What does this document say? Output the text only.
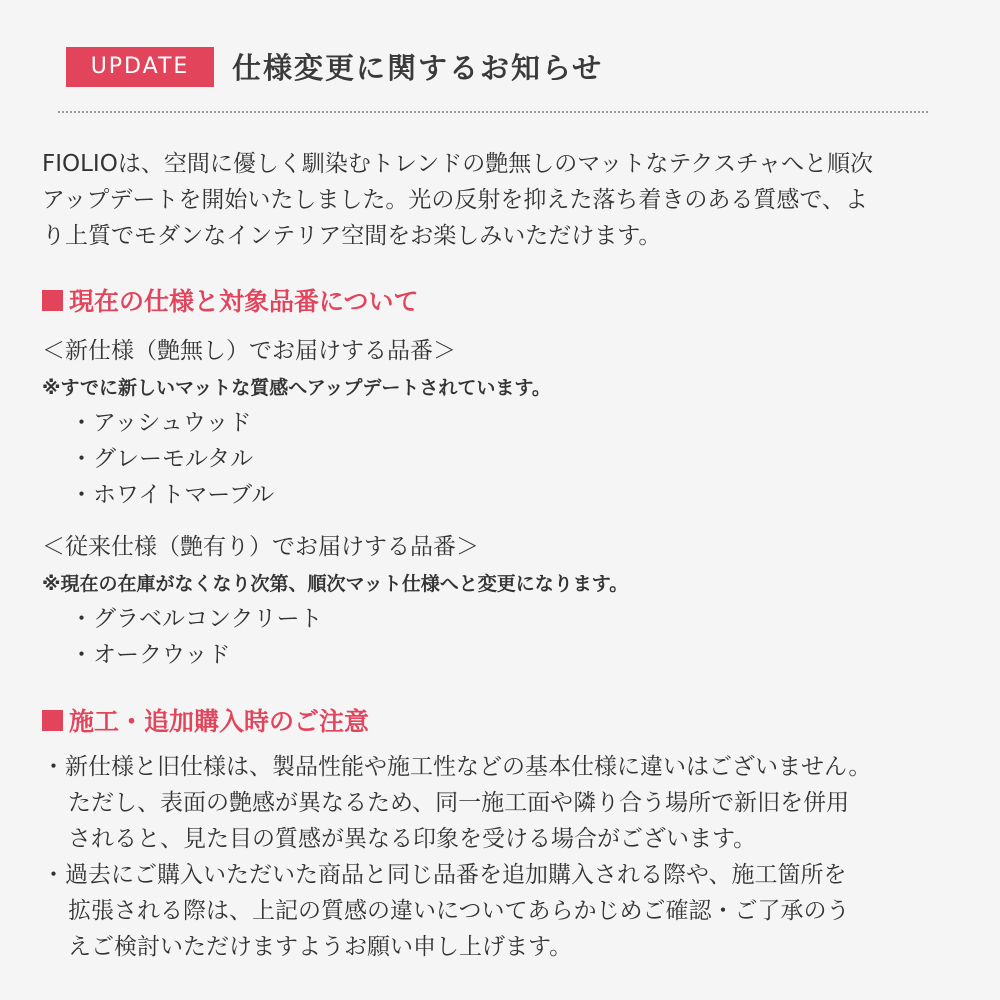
UPDATE	仕様変更に関するお知らせ
FIOLIOは、空間に優しく馴染むトレンドの艶無しのマットなテクスチャへと順次
アップデートを開始いたしました。光の反射を抑えた落ち着きのある質感で、よ
り上質でモダンなインテリア空間をお楽しみいただけます。
現在の仕様と対象品番について
＜新仕様（艶無し）でお届けする品番＞
※すでに新しいマットな質感へアップデートされています。
・アッシュウッド
・グレーモルタル
・ホワイトマーブル
＜従来仕様（艶有り）でお届けする品番＞
※現在の在庫がなくなり次第、順次マット仕様へと変更になります。
・グラベルコンクリート
・オークウッド
施工・追加購入時のご注意
・新仕様と旧仕様は、製品性能や施工性などの基本仕様に違いはございません。
ただし、表面の艶感が異なるため、同一施工面や隣り合う場所で新旧を併用
されると、見た目の質感が異なる印象を受ける場合がございます。
・過去にご購入いただいた商品と同じ品番を追加購入される際や、施工箇所を
拡張される際は、上記の質感の違いについてあらかじめご確認・ご了承のう
えご検討いただけますようお願い申し上げます。
